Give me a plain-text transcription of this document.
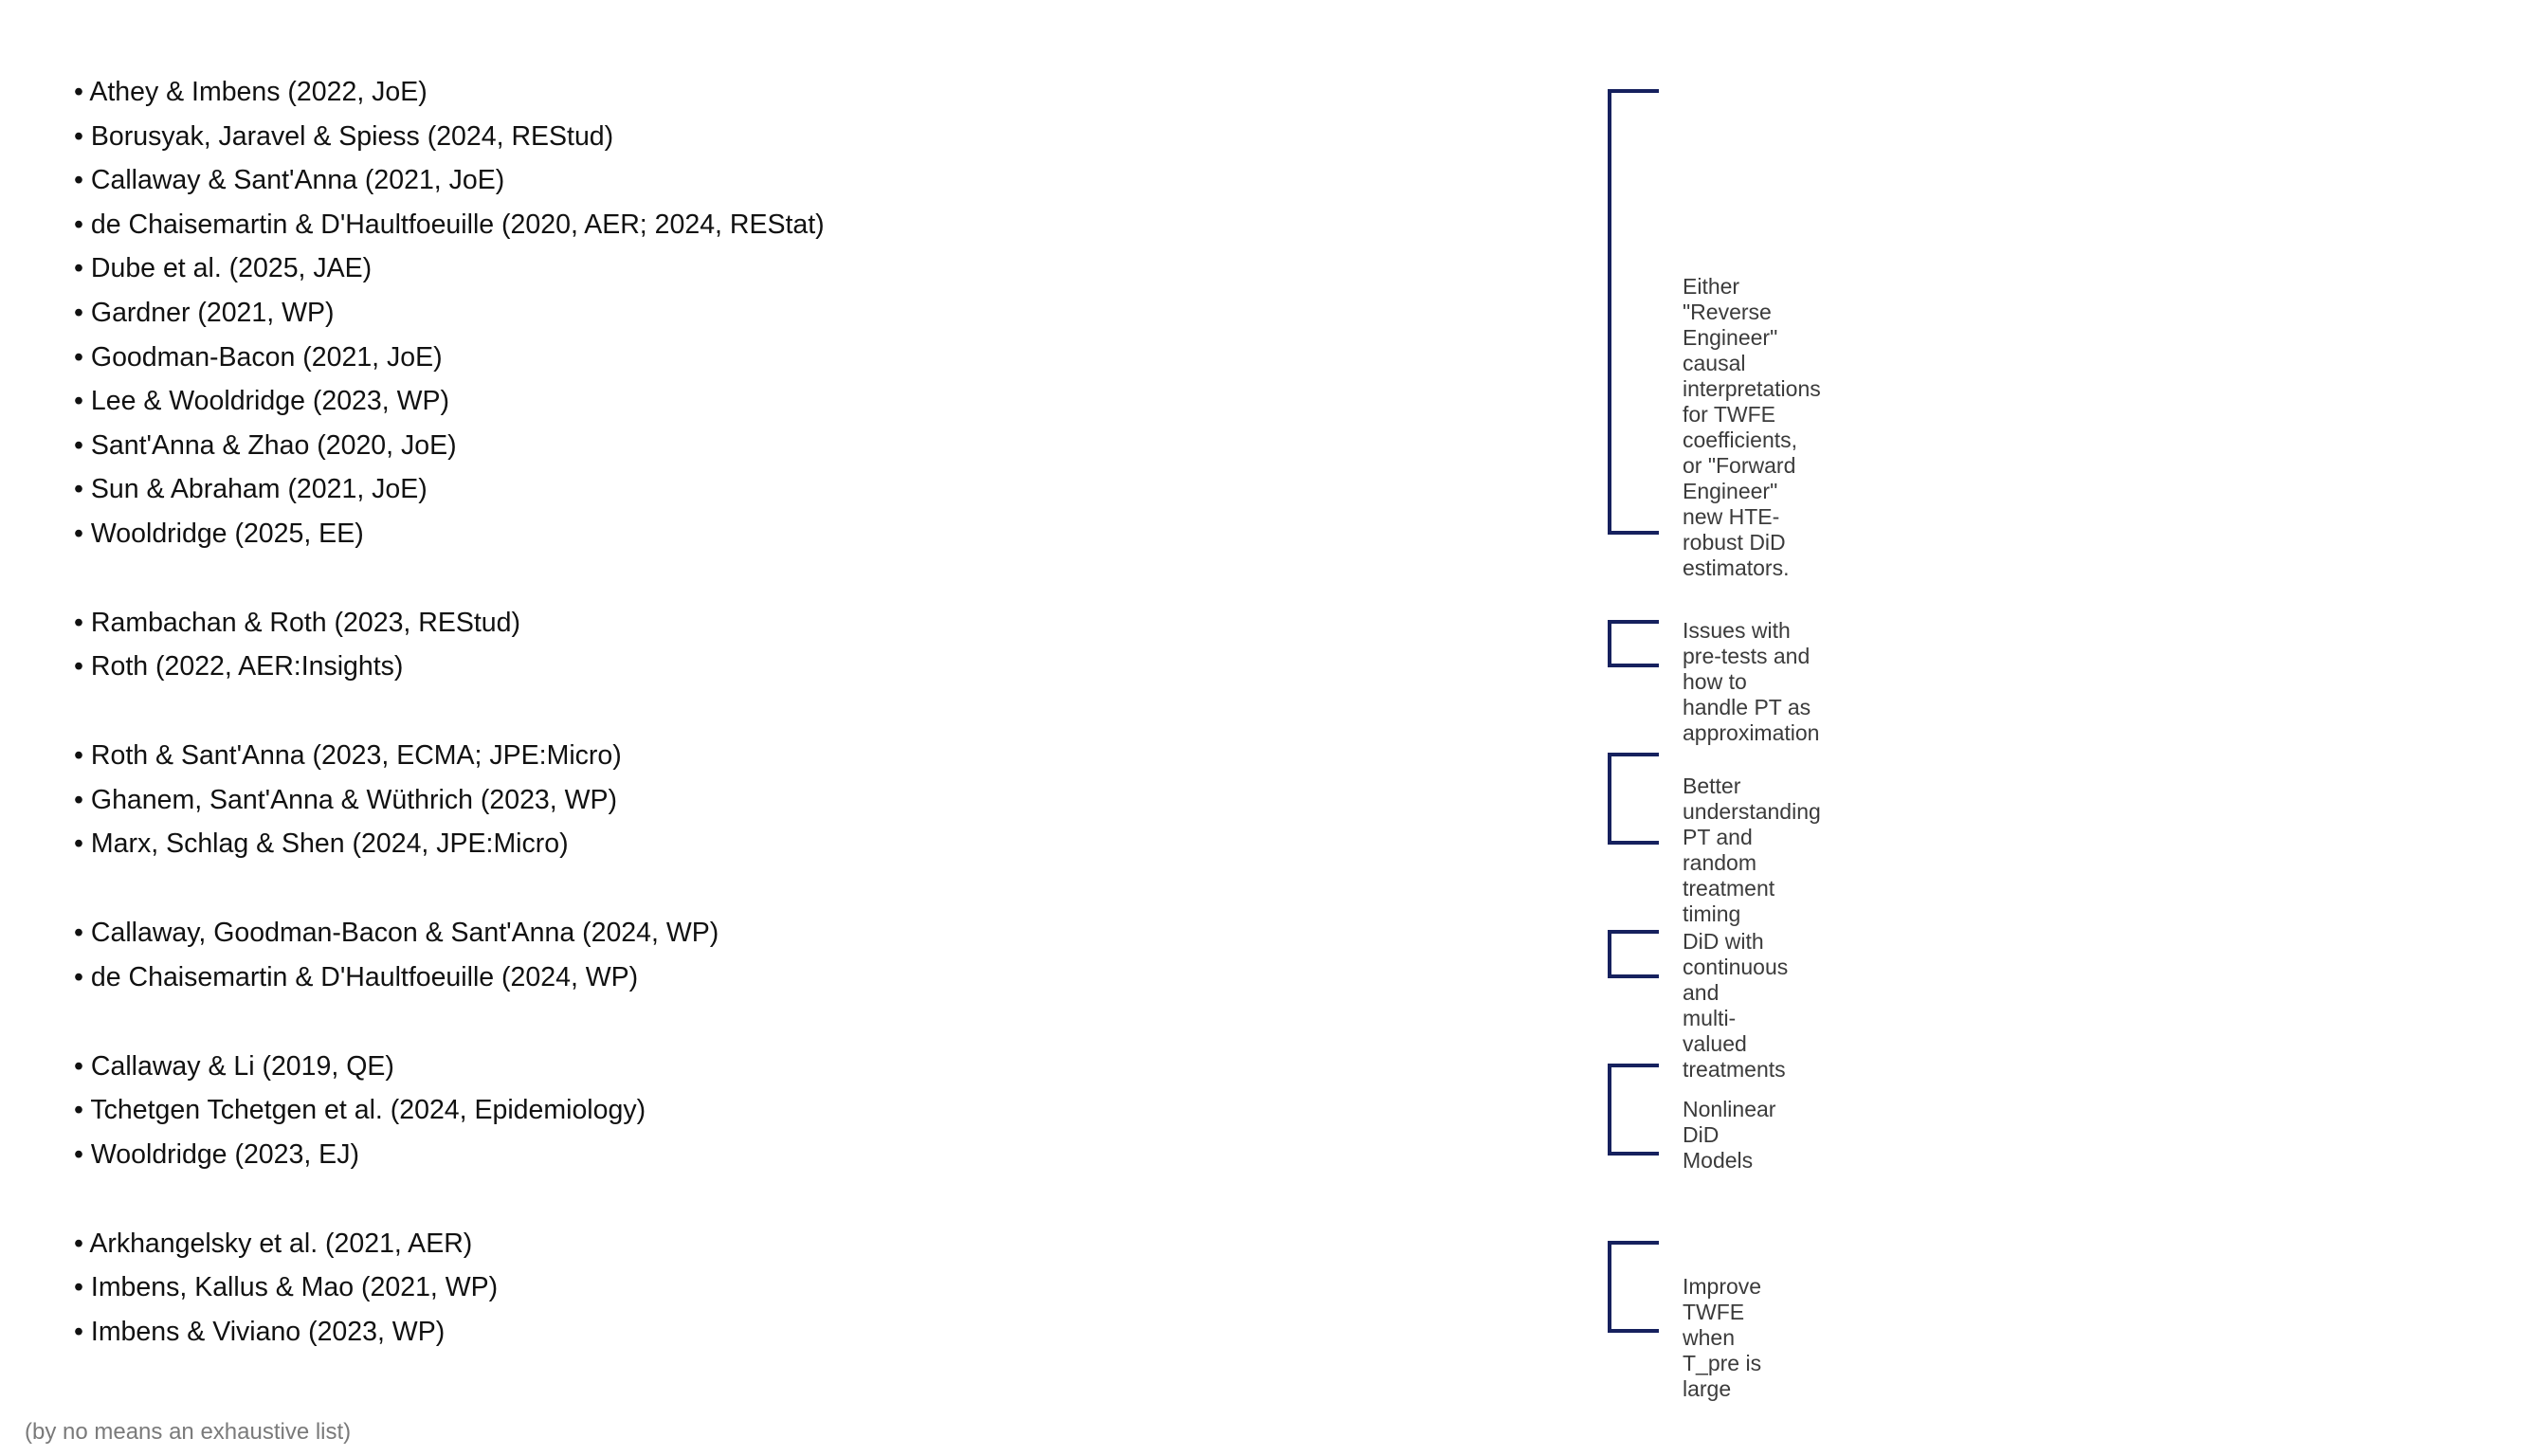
• Athey & Imbens (2022, JoE)
• Borusyak, Jaravel & Spiess (2024, REStud)
• Callaway & Sant'Anna (2021, JoE)
• de Chaisemartin & D'Haultfoeuille (2020, AER; 2024, REStat)
• Dube et al. (2025, JAE)
• Gardner (2021, WP)
• Goodman-Bacon (2021, JoE)
• Lee & Wooldridge (2023, WP)
• Sant'Anna & Zhao (2020, JoE)
• Sun & Abraham (2021, JoE)
• Wooldridge (2025, EE)
Either "Reverse Engineer" causal interpretations
for TWFE coefficients, or "Forward Engineer"
new HTE-robust DiD estimators.
• Rambachan & Roth (2023, REStud)
• Roth (2022, AER:Insights)
Issues with pre-tests and how to
handle PT as approximation
• Roth & Sant'Anna (2023, ECMA; JPE:Micro)
• Ghanem, Sant'Anna & Wüthrich (2023, WP)
• Marx, Schlag & Shen (2024, JPE:Micro)
Better understanding PT and
random treatment timing
• Callaway, Goodman-Bacon & Sant'Anna (2024, WP)
• de Chaisemartin & D'Haultfoeuille (2024, WP)
DiD with continuous and
multi-valued treatments
• Callaway & Li (2019, QE)
• Tchetgen Tchetgen et al. (2024, Epidemiology)
• Wooldridge (2023, EJ)
Nonlinear DiD Models
• Arkhangelsky et al. (2021, AER)
• Imbens, Kallus & Mao (2021, WP)
• Imbens & Viviano (2023, WP)
Improve TWFE when T_pre is large
(by no means an exhaustive list)
